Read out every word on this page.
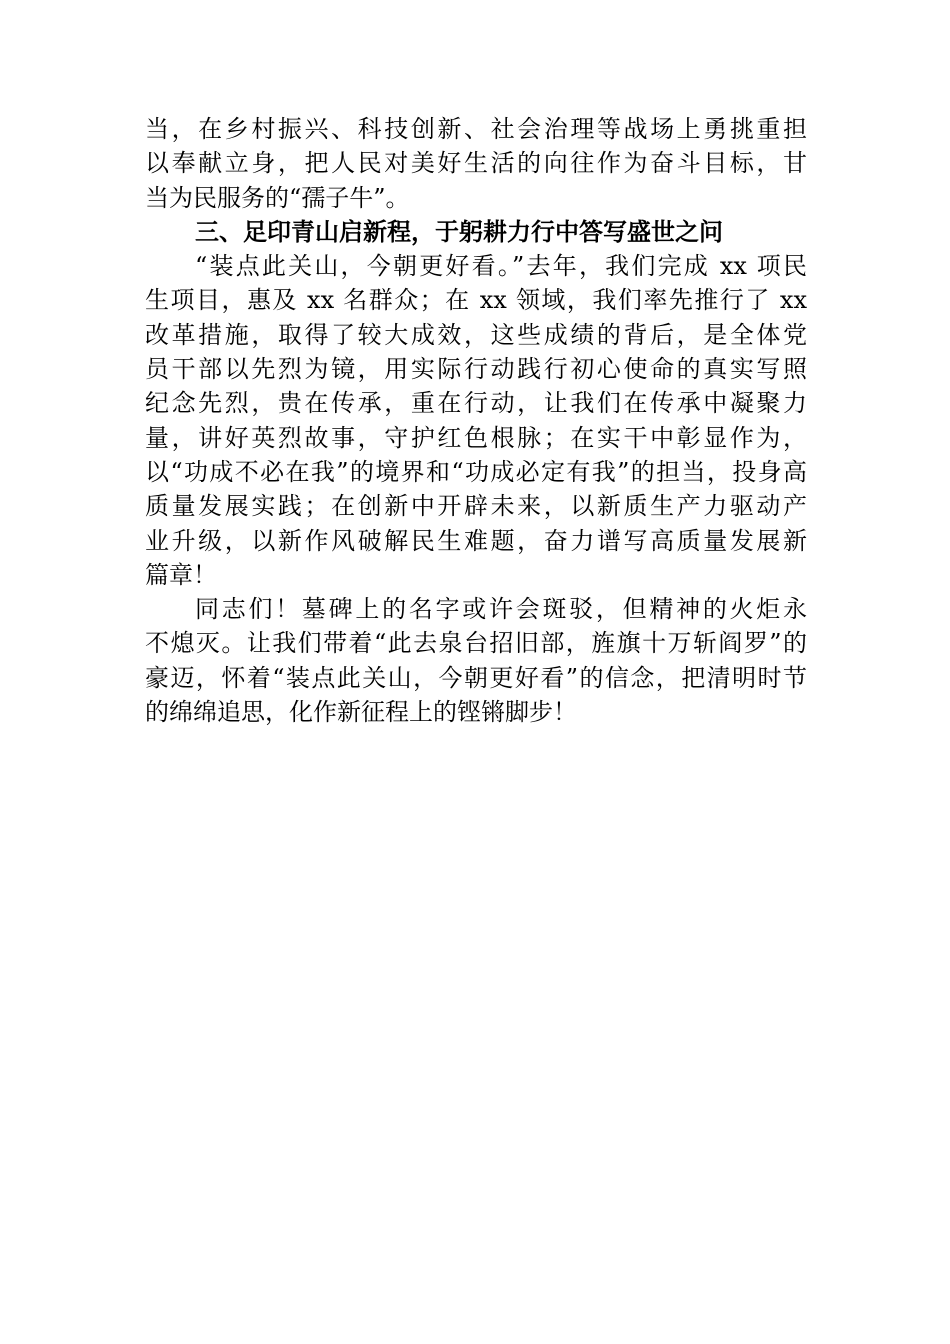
当，在乡村振兴、科技创新、社会治理等战场上勇挑重担
以奉献立身，把人民对美好生活的向往作为奋斗目标，甘
当为民服务的“孺子牛”。
三、足印青山启新程，于躬耕力行中答写盛世之问
“装点此关山，今朝更好看。”去年，我们完成 xx 项民
生项目，惠及 xx 名群众；在 xx 领域，我们率先推行了 xx
改革措施，取得了较大成效，这些成绩的背后，是全体党
员干部以先烈为镜，用实际行动践行初心使命的真实写照
纪念先烈，贵在传承，重在行动，让我们在传承中凝聚力
量，讲好英烈故事，守护红色根脉；在实干中彰显作为，
以“功成不必在我”的境界和“功成必定有我”的担当，投身高
质量发展实践；在创新中开辟未来，以新质生产力驱动产
业升级，以新作风破解民生难题，奋力谱写高质量发展新
篇章！
同志们！墓碑上的名字或许会斑驳，但精神的火炬永
不熄灭。让我们带着“此去泉台招旧部，旌旗十万斩阎罗”的
豪迈，怀着“装点此关山，今朝更好看”的信念，把清明时节
的绵绵追思，化作新征程上的铿锵脚步！
